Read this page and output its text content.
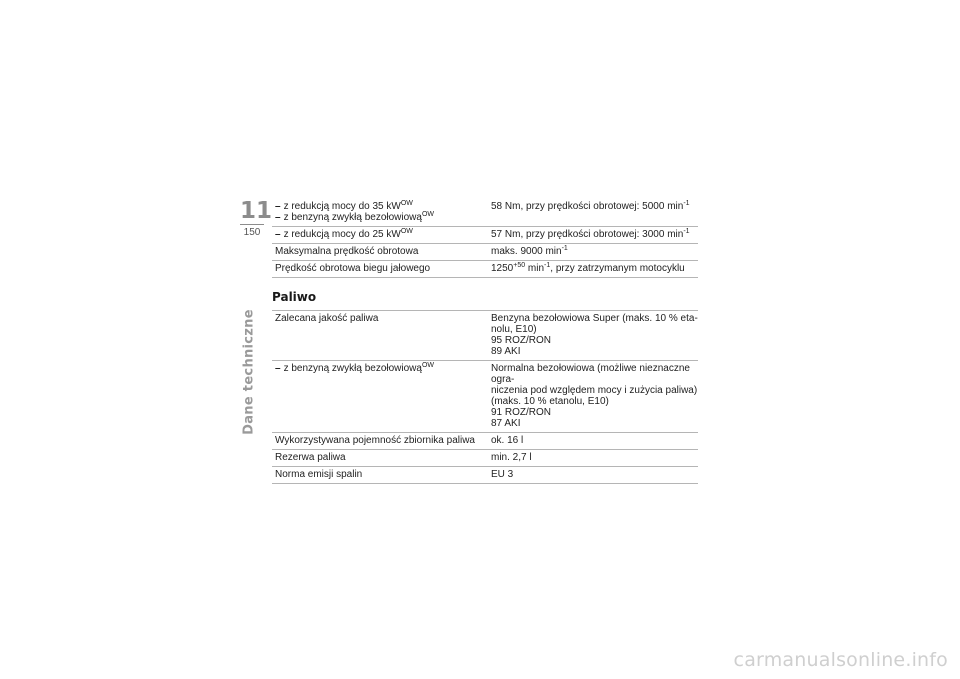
11
150
Dane techniczne
– z redukcją mocy do 35 $kW^{OW}$
– z benzyną zwykłą bezołowiową$^{OW}$	58 Nm, przy prędkości obrotowej: 5000 $\min^{-1}$

– z redukcją mocy do 25 $kW^{OW}$	57 Nm, przy prędkości obrotowej: 3000 $\min^{-1}$
Maksymalna prędkość obrotowa	maks. 9000 $\min^{-1}$
Prędkość obrotowa biegu jałowego	$1250^{+50}$ $\min^{-1}$, przy zatrzymanym motocyklu
Paliwo
Zalecana jakość paliwa	Benzyna bezołowiowa Super (maks. 10 % eta-
nolu, E10)
95 ROZ/RON
89 AKI

– z benzyną zwykłą bezołowiową$^{OW}$	Normalna bezołowiowa (możliwe nieznaczne ogra-
niczenia pod względem mocy i zużycia paliwa)
(maks. 10 % etanolu, E10)
91 ROZ/RON
87 AKI

Wykorzystywana pojemność zbiornika paliwa	ok. 16 l
Rezerwa paliwa	min. 2,7 l
Norma emisji spalin	EU 3
carmanualsonline.info
